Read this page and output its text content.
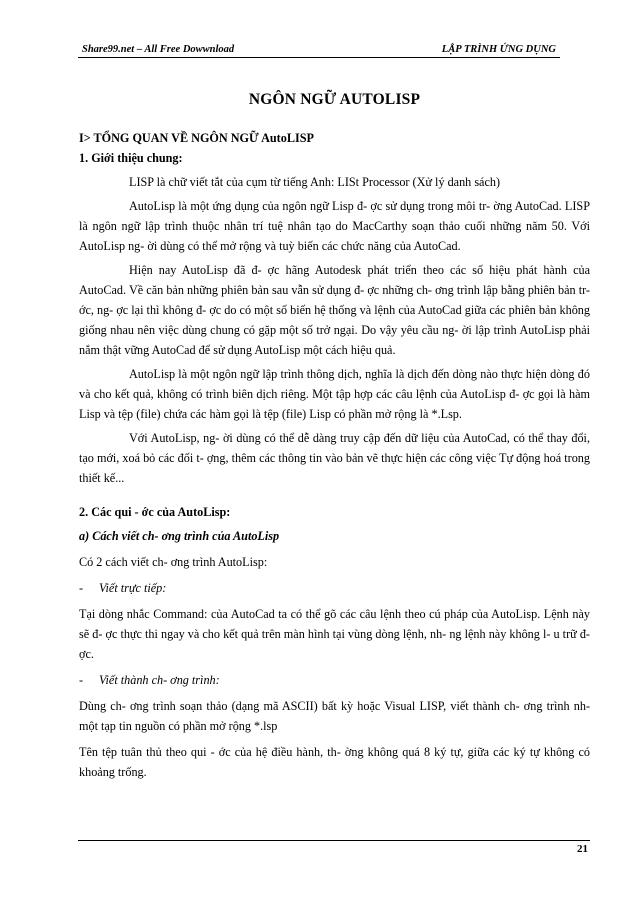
Share99.net – All Free Dowwnload	LẬP TRÌNH ỨNG DỤNG
NGÔN NGỮ AUTOLISP

I> TỔNG QUAN VỀ NGÔN NGỮ AutoLISP

1. Giới thiệu chung:

LISP là chữ viết tắt của cụm từ tiếng Anh: LISt Processor (Xử lý danh sách)

AutoLisp là một ứng dụng của ngôn ngữ Lisp đ- ợc sử dụng trong môi tr- ờng AutoCad. LISP là ngôn ngữ lập trình thuộc nhân trí tuệ nhân tạo do MacCarthy soạn thảo cuối những năm 50. Với AutoLisp ng- ời dùng có thể mở rộng và tuỳ biến các chức năng của AutoCad.

Hiện nay AutoLisp đã đ- ợc hãng Autodesk phát triển theo các số hiệu phát hành của AutoCad. Về căn bản những phiên bản sau vẫn sử dụng đ- ợc những ch- ơng trình lập bằng phiên bản tr- ớc, ng- ợc lại thì không đ- ợc do có một số biến hệ thống và lệnh của AutoCad giữa các phiên bản không giống nhau nên việc dùng chung có gặp một số trở ngại. Do vậy yêu cầu ng- ời lập trình AutoLisp phải nắm thật vững AutoCad để sử dụng AutoLisp một cách hiệu quả.

AutoLisp là một ngôn ngữ lập trình thông dịch, nghĩa là dịch đến dòng nào thực hiện dòng đó và cho kết quả, không có trình biên dịch riêng. Một tập hợp các câu lệnh của AutoLisp đ- ợc gọi là hàm Lisp và tệp (file) chứa các hàm gọi là tệp (file) Lisp có phần mở rộng là *.Lsp.

Với AutoLisp, ng- ời dùng có thể dễ dàng truy cập đến dữ liệu của AutoCad, có thể thay đổi, tạo mới, xoá bỏ các đối t- ợng, thêm các thông tin vào bản vẽ thực hiện các công việc Tự động hoá trong thiết kế...

2. Các qui - ớc của AutoLisp:

a) Cách viết ch- ơng trình của AutoLisp

Có 2 cách viết ch- ơng trình AutoLisp:

- Viết trực tiếp:

Tại dòng nhắc Command: của AutoCad ta có thể gõ các câu lệnh theo cú pháp của AutoLisp. Lệnh này sẽ đ- ợc thực thi ngay và cho kết quả trên màn hình tại vùng dòng lệnh, nh- ng lệnh này không l- u trữ đ- ợc.

- Viết thành ch- ơng trình:

Dùng ch- ơng trình soạn thảo (dạng mã ASCII) bất kỳ hoặc Visual LISP, viết thành ch- ơng trình nh- một tạp tin nguồn có phần mở rộng *.lsp

Tên tệp tuân thủ theo qui - ớc của hệ điều hành, th- ờng không quá 8 ký tự, giữa các ký tự không có khoảng trống.

21
